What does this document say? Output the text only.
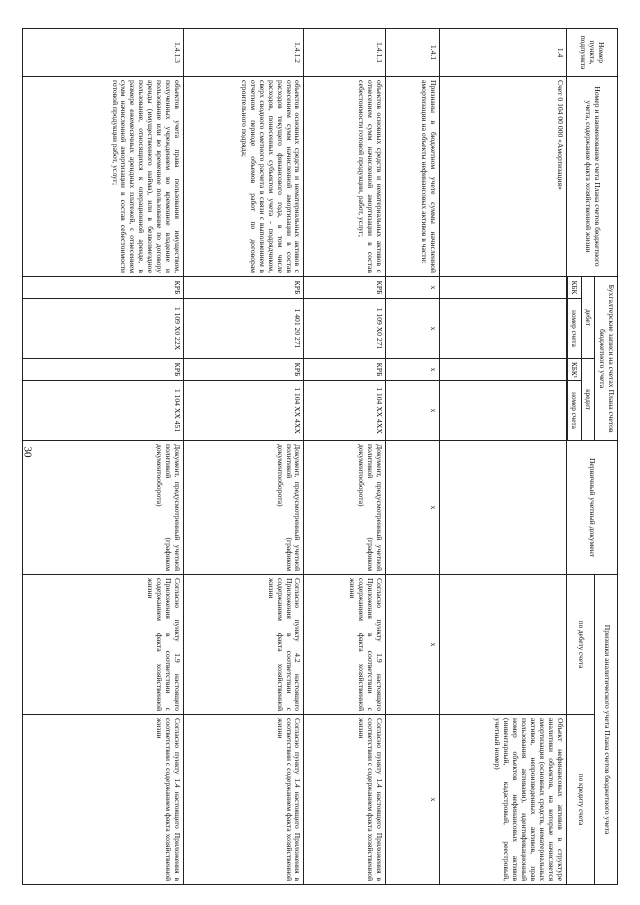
30
Номер пункта, подпункта	Номер и наименование счета Плана счетов бюджетного учета, содержание факта хозяйственной жизни	Бухгалтерские записи на счетах Плана счетов бюджетного учета				Первичный учетный документ	Признаки аналитического учета Плана счетов бюджетного учета	
		дебет		кредит			по дебету счета	по кредиту счета
		КБК	номер счета	КБК¹	номер счета			

1.4	Счет 0 104 00 000 «Амортизация»							Объект нефинансовых активов в структуре аналитики объектов, на которые начисляется амортизация (основных средств, нематериальных активов, непроизведенных активов, прав пользования активами), идентификационный номер объектов нефинансовых активов (инвентарный, кадастровый, реестровый, учетный номер)
1.4.1	Признаны в бюджетном учете суммы начисленной амортизации на объекты нефинансовых активов в части:	х	х	х	х	х	х	х
1.4.1.1	объектов основных средств и нематериальных активов с отнесением сумм начисленной амортизации в состав себестоимости готовой продукции, работ, услуг;	КРБ	1 109 X0 271	КРБ	1 104 XX 4XX	Документ, предусмотренный учетной политикой (графиком документооборота)	Согласно пункту 1.9 настоящего Приложения в соответствии с содержанием факта хозяйственной жизни	Согласно пункту 1.4 настоящего Приложения в соответствии с содержанием факта хозяйственной жизни
1.4.1.2	объектов основных средств и нематериальных активов с отнесением сумм начисленной амортизации в состав расходов текущего финансового года, в том числе расходов, понесенных субъектом учета - подрядчиком, сверх сводного сметного расчета в связи с выполнением в отчетном периоде объемов работ по договорам строительного подряда;	КРБ	1 401 20 271	КРБ	1 104 XX 4XX	Документ, предусмотренный учетной политикой (графиком документооборота)	Согласно пункту 4.2 настоящего Приложения в соответствии с содержанием факта хозяйственной жизни	Согласно пункту 1.4 настоящего Приложения в соответствии с содержанием факта хозяйственной жизни
1.4.1.3	объектов учета права пользования имуществом, полученных учреждением во временное владение и пользование или во временное пользование по договору аренды (имущественного найма), или в безвозмездное пользование, относящихся к операционной аренде, в размере ежемесячных арендных платежей, с отнесением сумм начисленной амортизации в состав себестоимости готовой продукции работ, услуг;	КРБ	1 109 X0 22X	КРБ	1 104 XX 451	Документ, предусмотренный учетной политикой (графиком документооборота)	Согласно пункту 1.9 настоящего Приложения в соответствии с содержанием факта хозяйственной жизни	Согласно пункту 1.4 настоящего Приложения в соответствии с содержанием факта хозяйственной жизни
